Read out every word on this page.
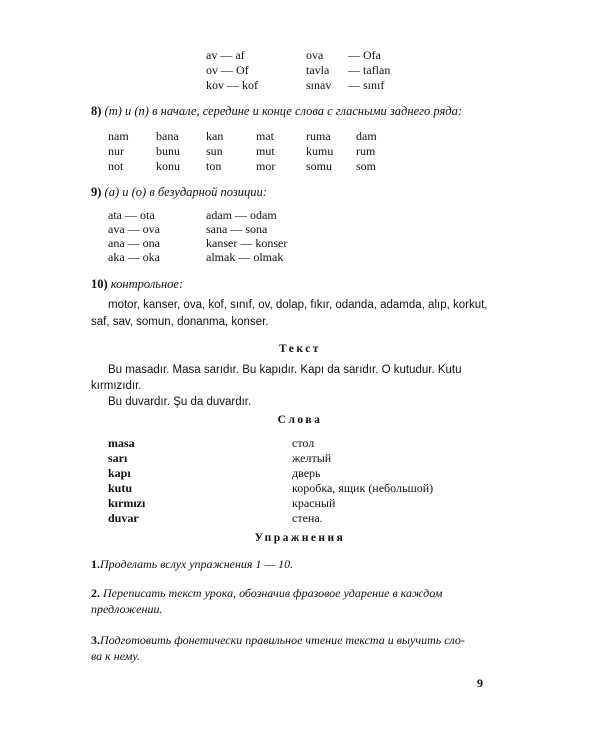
av — af	ova — Ofa
ov — Of	tavla — taflan
kov — kof	sınav — sınıf
8) (т) и (п) в начале, середине и конце слова с гласными заднего ряда:
nam bana kan	mat	ruma dam
nur	bunu sun	mut	kumu rum
not	konu ton	mor	somu som
9) (а) и (о) в безударной позиции:
ata — ota	adam — odam
ava — ova	sana — sona
ana — ona	kanser — konser
aka — oka	almak — olmak
10) контрольное:
motor, kanser, ova, kof, sınıf, ov, dolap, fıkır, odanda, adamda, alıp, korkut,
saf, sav, somun, donanma, konser.
Текст
Bu masadır. Masa sarıdır. Bu kapıdır. Kapı da sarıdır. O kutudur. Kutu
kırmızıdır.
Bu duvardır. Şu da duvardır.
Слова
masa	стол
sarı	желтый
kapı	дверь
kutu	коробка, ящик (небольшой)
kırmızı	красный
duvar	стена.
Упражнения
1.Проделать вслух упражнения 1 — 10.
2. Переписать текст урока, обозначив фразовое ударение в каждом
предложении.
3.Подготовить фонетически правильное чтение текста и выучить сло-
ва к нему.
9
